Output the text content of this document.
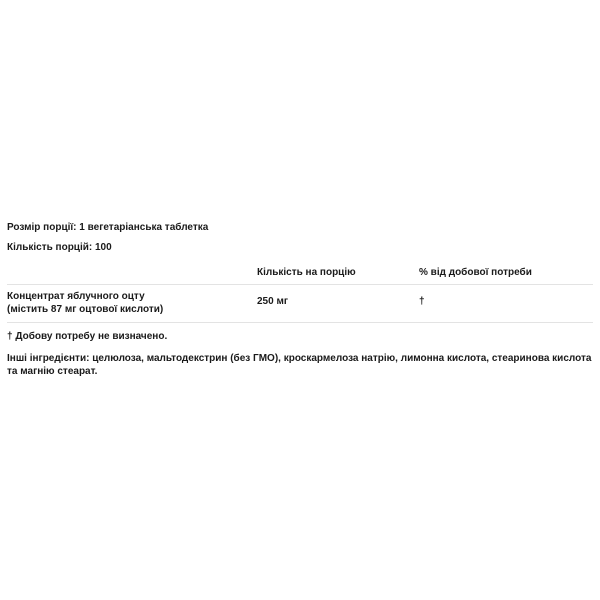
Розмір порції: 1 вегетаріанська таблетка
Кількість порцій: 100
Кількість на порцію	% від добової потреби
Концентрат яблучного оцту
(містить 87 мг оцтової кислоти)
250 мг	†
† Добову потребу не визначено.
Інші інгредієнти: целюлоза, мальтодекстрин (без ГМО), кроскармелоза натрію, лимонна кислота, стеаринова кислота та магнію стеарат.
